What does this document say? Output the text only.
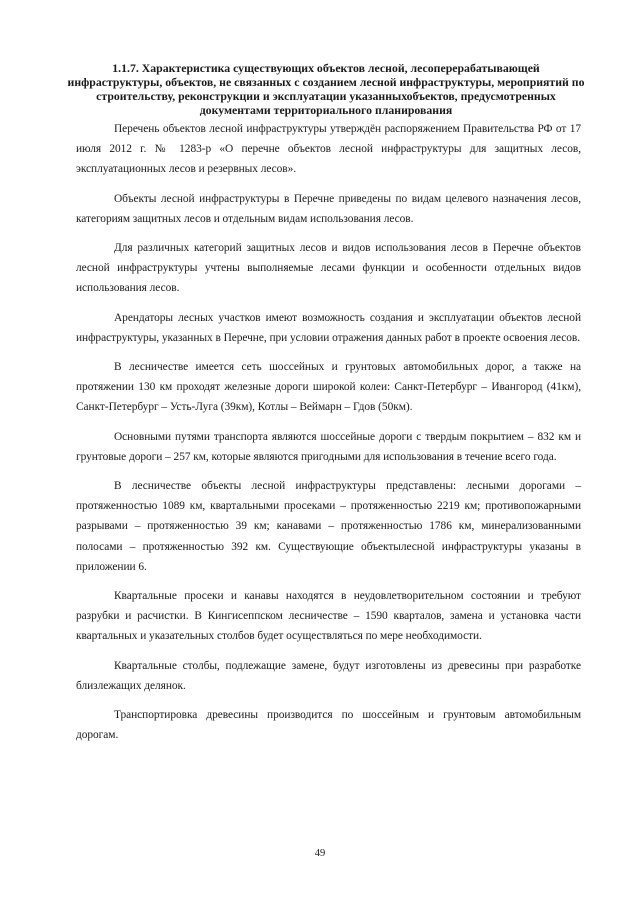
1.1.7. Характеристика существующих объектов лесной, лесоперерабатывающей инфраструктуры, объектов, не связанных с созданием лесной инфраструктуры, мероприятий по строительству, реконструкции и эксплуатации указанныхобъектов, предусмотренных документами территориального планирования

Перечень объектов лесной инфраструктуры утверждён распоряжением Правительства РФ от 17 июля 2012 г. № 1283-р «О перечне объектов лесной инфраструктуры для защитных лесов, эксплуатационных лесов и резервных лесов».

Объекты лесной инфраструктуры в Перечне приведены по видам целевого назначения лесов, категориям защитных лесов и отдельным видам использования лесов.

Для различных категорий защитных лесов и видов использования лесов в Перечне объектов лесной инфраструктуры учтены выполняемые лесами функции и особенности отдельных видов использования лесов.

Арендаторы лесных участков имеют возможность создания и эксплуатации объектов лесной инфраструктуры, указанных в Перечне, при условии отражения данных работ в проекте освоения лесов.

В лесничестве имеется сеть шоссейных и грунтовых автомобильных дорог, а также на протяжении 130 км проходят железные дороги широкой колеи: Санкт-Петербург – Ивангород (41км), Санкт-Петербург – Усть-Луга (39км), Котлы – Веймарн – Гдов (50км).

Основными путями транспорта являются шоссейные дороги с твердым покрытием – 832 км и грунтовые дороги – 257 км, которые являются пригодными для использования в течение всего года.

В лесничестве объекты лесной инфраструктуры представлены: лесными дорогами – протяженностью 1089 км, квартальными просеками – протяженностью 2219 км; противопожарными разрывами – протяженностью 39 км; канавами – протяженностью 1786 км, минерализованными полосами – протяженностью 392 км. Существующие объектылесной инфраструктуры указаны в приложении 6.

Квартальные просеки и канавы находятся в неудовлетворительном состоянии и требуют разрубки и расчистки. В Кингисеппском лесничестве – 1590 кварталов, замена и установка части квартальных и указательных столбов будет осуществляться по мере необходимости.

Квартальные столбы, подлежащие замене, будут изготовлены из древесины при разработке близлежащих делянок.

Транспортировка древесины производится по шоссейным и грунтовым автомобильным дорогам.

49
